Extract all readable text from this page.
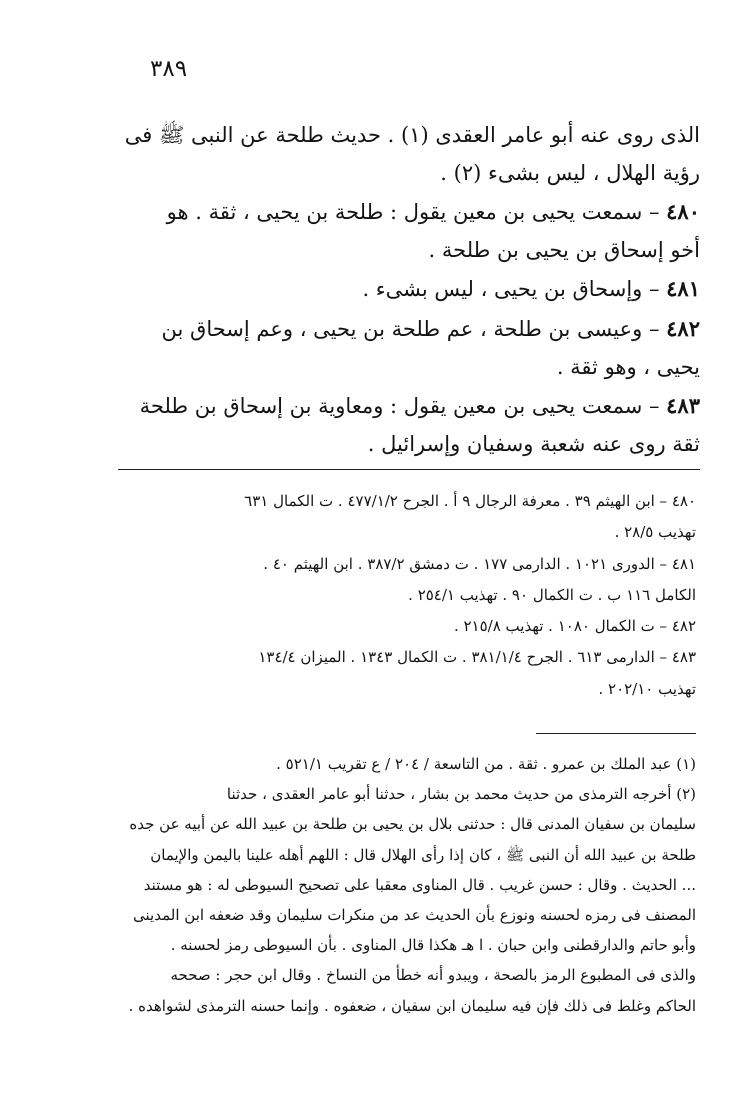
٣٨٩
الذى روى عنه أبو عامر العقدى (١) . حديث طلحة عن النبى ﷺ فى
رؤية الهلال ، ليس بشىء (٢) .
٤٨٠ – سمعت يحيى بن معين يقول : طلحة بن يحيى ، ثقة . هو
أخو إسحاق بن يحيى بن طلحة .
٤٨١ – وإسحاق بن يحيى ، ليس بشىء .
٤٨٢ – وعيسى بن طلحة ، عم طلحة بن يحيى ، وعم إسحاق بن
يحيى ، وهو ثقة .
٤٨٣ – سمعت يحيى بن معين يقول : ومعاوية بن إسحاق بن طلحة
ثقة روى عنه شعبة وسفيان وإسرائيل .
٤٨٠ – ابن الهيثم ٣٩ . معرفة الرجال ٩ أ . الجرح ٤٧٧/١/٢ . ت الكمال ٦٣١
تهذيب ٢٨/٥ .
٤٨١ – الدورى ١٠٢١ . الدارمى ١٧٧ . ت دمشق ٣٨٧/٢ . ابن الهيثم ٤٠ .
الكامل ١١٦ ب . ت الكمال ٩٠ . تهذيب ٢٥٤/١ .
٤٨٢ – ت الكمال ١٠٨٠ . تهذيب ٢١٥/٨ .
٤٨٣ – الدارمى ٦١٣ . الجرح ٣٨١/١/٤ . ت الكمال ١٣٤٣ . الميزان ١٣٤/٤
تهذيب ٢٠٢/١٠ .
(١) عبد الملك بن عمرو . ثقة . من التاسعة / ٢٠٤ / ع تقريب ٥٢١/١ .
(٢) أخرجه الترمذى من حديث محمد بن بشار ، حدثنا أبو عامر العقدى ، حدثنا
سليمان بن سفيان المدنى قال : حدثنى بلال بن يحيى بن طلحة بن عبيد الله عن أبيه عن جده
طلحة بن عبيد الله أن النبى ﷺ ، كان إذا رأى الهلال قال : اللهم أهله علينا باليمن والإيمان
... الحديث . وقال : حسن غريب . قال المناوى معقبا على تصحيح السيوطى له : هو مستند
المصنف فى رمزه لحسنه ونوزع بأن الحديث عد من منكرات سليمان وقد ضعفه ابن المدينى
وأبو حاتم والدارقطنى وابن حبان . ا هـ هكذا قال المناوى . بأن السيوطى رمز لحسنه .
والذى فى المطبوع الرمز بالصحة ، ويبدو أنه خطأ من النساخ . وقال ابن حجر : صححه
الحاكم وغلط فى ذلك فإن فيه سليمان ابن سفيان ، ضعفوه . وإنما حسنه الترمذى لشواهده .
